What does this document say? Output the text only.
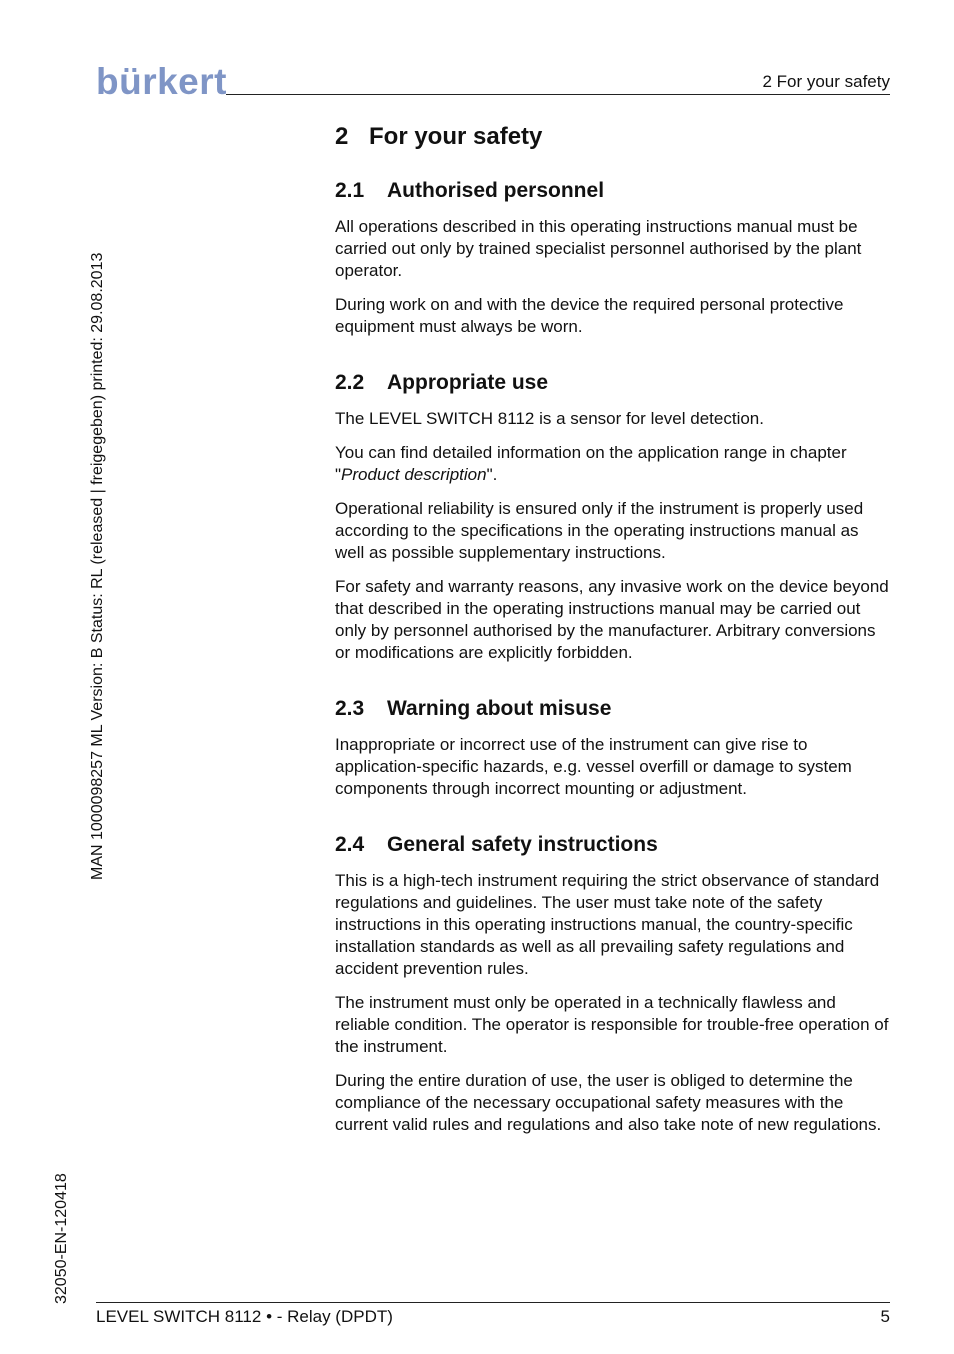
bürkert	2 For your safety
MAN 1000098257 ML Version: B Status: RL (released | freigegeben) printed: 29.08.2013
32050-EN-120418
2 For your safety
2.1 Authorised personnel

All operations described in this operating instructions manual must be carried out only by trained specialist personnel authorised by the plant operator.

During work on and with the device the required personal protective equipment must always be worn.

2.2 Appropriate use

The LEVEL SWITCH 8112 is a sensor for level detection.

You can find detailed information on the application range in chapter "Product description".

Operational reliability is ensured only if the instrument is properly used according to the specifications in the operating instructions manual as well as possible supplementary instructions.

For safety and warranty reasons, any invasive work on the device beyond that described in the operating instructions manual may be carried out only by personnel authorised by the manufacturer. Arbitrary conversions or modifications are explicitly forbidden.

2.3 Warning about misuse

Inappropriate or incorrect use of the instrument can give rise to application-specific hazards, e.g. vessel overfill or damage to system components through incorrect mounting or adjustment.

2.4 General safety instructions

This is a high-tech instrument requiring the strict observance of standard regulations and guidelines. The user must take note of the safety instructions in this operating instructions manual, the country-specific installation standards as well as all prevailing safety regulations and accident prevention rules.

The instrument must only be operated in a technically flawless and reliable condition. The operator is responsible for trouble-free operation of the instrument.

During the entire duration of use, the user is obliged to determine the compliance of the necessary occupational safety measures with the current valid rules and regulations and also take note of new regulations.

LEVEL SWITCH 8112 • - Relay (DPDT)	5
